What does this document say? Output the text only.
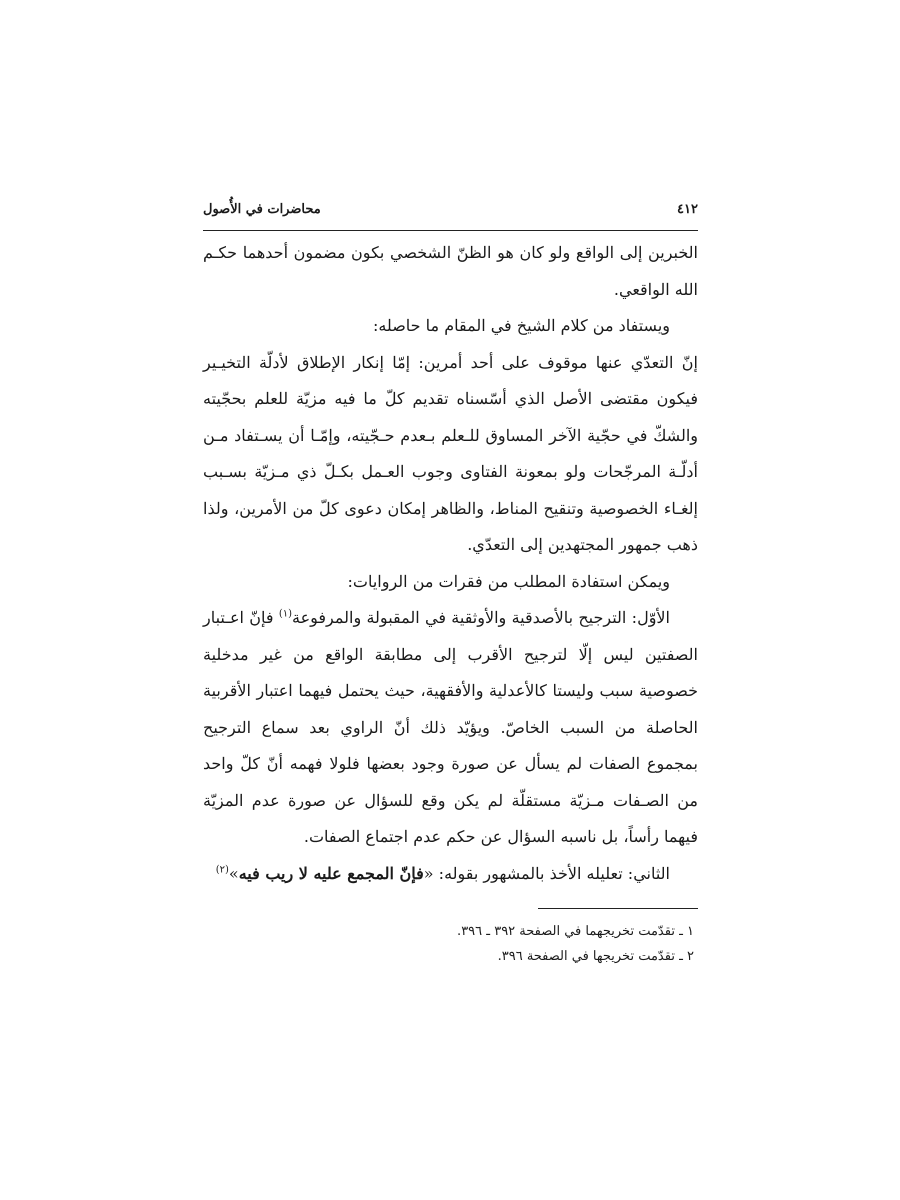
٤١٢
محاضرات في الأُصول

الخبرين إلى الواقع ولو كان هو الظنّ الشخصي بكون مضمون أحدهما حكـم الله الواقعي.

ويستفاد من كلام الشيخ‏ في المقام ما حاصله:

إنّ التعدّي عنها موقوف على أحد أمرين: إمّا إنكار الإطلاق لأدلّة التخيـير فيكون مقتضى الأصل الذي أسّسناه تقديم كلّ ما فيه مزيّة للعلم بحجّيته والشكّ في حجّية الآخر المساوق للـعلم بـعدم حـجّيته، وإمّـا أن يسـتفاد مـن أدلّـة المرجّحات ولو بمعونة الفتاوى وجوب العـمل بكـلّ ذي مـزيّة بسـبب إلغـاء الخصوصية وتنقيح المناط، والظاهر إمكان دعوى كلّ من الأمرين، ولذا ذهب جمهور المجتهدين إلى التعدّي.

ويمكن استفادة المطلب من فقرات من الروايات:

الأوّل: الترجيح بالأصدقية والأوثقية في المقبولة والمرفوعة$^{(١)}$ فإنّ اعـتبار الصفتين ليس إلّا لترجيح الأقرب إلى مطابقة الواقع من غير مدخلية خصوصية سبب وليستا كالأعدلية والأفقهية، حيث يحتمل فيهما اعتبار الأقربية الحاصلة من السبب الخاصّ. ويؤيّد ذلك أنّ الراوي بعد سماع الترجيح بمجموع الصفات لم يسأل عن صورة وجود بعضها فلولا فهمه أنّ كلّ واحد من الصـفات مـزيّة مستقلّة لم يكن وقع للسؤال عن صورة عدم المزيّة فيهما رأساً، بل ناسبه السؤال عن حكم عدم اجتماع الصفات.

الثاني: تعليله‏ الأخذ بالمشهور بقوله: «فإنّ المجمع عليه لا ريب فيه»$^{(٢)}$

١ ـ تقدّمت تخريجهما في الصفحة ٣٩٢ ـ ٣٩٦.
٢ ـ تقدّمت تخريجها في الصفحة ٣٩٦.
